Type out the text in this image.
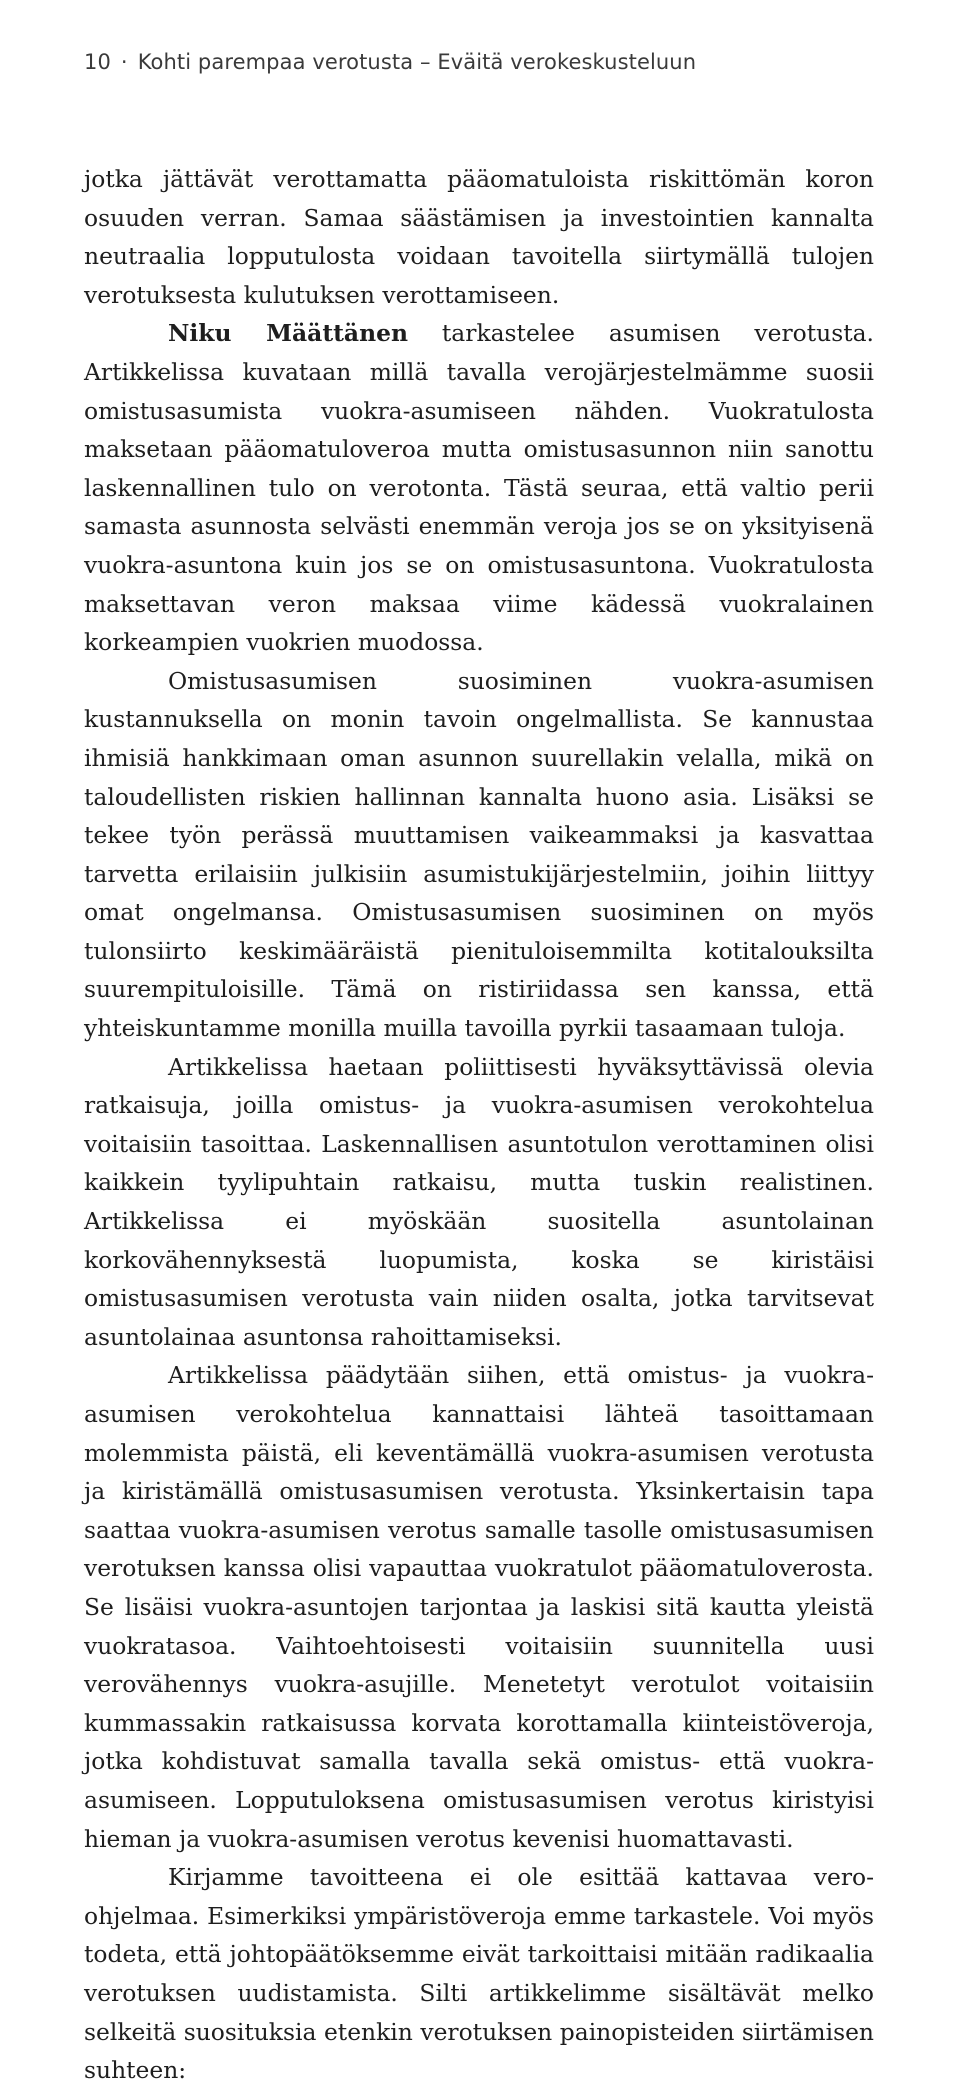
10 · Kohti parempaa verotusta – Eväitä verokeskusteluun

jotka jättävät verottamatta pääomatuloista riskittömän koron osuuden verran. Samaa säästämisen ja investointien kannalta neutraalia lopputulosta voidaan tavoitella siirtymällä tulojen verotuksesta kulutuksen verottamiseen.

Niku Määttänen tarkastelee asumisen verotusta. Artikkelissa kuvataan millä tavalla verojärjestelmämme suosii omistusasumista vuokra-asumiseen nähden. Vuokratulosta maksetaan pääomatuloveroa mutta omistusasunnon niin sanottu laskennallinen tulo on verotonta. Tästä seuraa, että valtio perii samasta asunnosta selvästi enemmän veroja jos se on yksityisenä vuokra-asuntona kuin jos se on omistusasuntona. Vuokratulosta maksettavan veron maksaa viime kädessä vuokralainen korkeampien vuokrien muodossa.

Omistusasumisen suosiminen vuokra-asumisen kustannuksella on monin tavoin ongelmallista. Se kannustaa ihmisiä hankkimaan oman asunnon suurellakin velalla, mikä on taloudellisten riskien hallinnan kannalta huono asia. Lisäksi se tekee työn perässä muuttamisen vaikeammaksi ja kasvattaa tarvetta erilaisiin julkisiin asumistukijärjestelmiin, joihin liittyy omat ongelmansa. Omistusasumisen suosiminen on myös tulonsiirto keskimääräistä pienituloisemmilta kotitalouksilta suurempituloisille. Tämä on ristiriidassa sen kanssa, että yhteiskuntamme monilla muilla tavoilla pyrkii tasaamaan tuloja.

Artikkelissa haetaan poliittisesti hyväksyttävissä olevia ratkaisuja, joilla omistus- ja vuokra-asumisen verokohtelua voitaisiin tasoittaa. Laskennallisen asuntotulon verottaminen olisi kaikkein tyylipuhtain ratkaisu, mutta tuskin realistinen. Artikkelissa ei myöskään suositella asuntolainan korkovähennyksestä luopumista, koska se kiristäisi omistusasumisen verotusta vain niiden osalta, jotka tarvitsevat asuntolainaa asuntonsa rahoittamiseksi.

Artikkelissa päädytään siihen, että omistus- ja vuokra-asumisen verokohtelua kannattaisi lähteä tasoittamaan molemmista päistä, eli keventämällä vuokra-asumisen verotusta ja kiristämällä omistusasumisen verotusta. Yksinkertaisin tapa saattaa vuokra-asumisen verotus samalle tasolle omistusasumisen verotuksen kanssa olisi vapauttaa vuokratulot pääomatuloverosta. Se lisäisi vuokra-asuntojen tarjontaa ja laskisi sitä kautta yleistä vuokratasoa. Vaihtoehtoisesti voitaisiin suunnitella uusi verovähennys vuokra-asujille. Menetetyt verotulot voitaisiin kummassakin ratkaisussa korvata korottamalla kiinteistöveroja, jotka kohdistuvat samalla tavalla sekä omistus- että vuokra-asumiseen. Lopputuloksena omistusasumisen verotus kiristyisi hieman ja vuokra-asumisen verotus kevenisi huomattavasti.

Kirjamme tavoitteena ei ole esittää kattavaa vero-ohjelmaa. Esimerkiksi ympäristöveroja emme tarkastele. Voi myös todeta, että johtopäätöksemme eivät tarkoittaisi mitään radikaalia verotuksen uudistamista. Silti artikkelimme sisältävät melko selkeitä suosituksia etenkin verotuksen painopisteiden siirtämisen suhteen:
